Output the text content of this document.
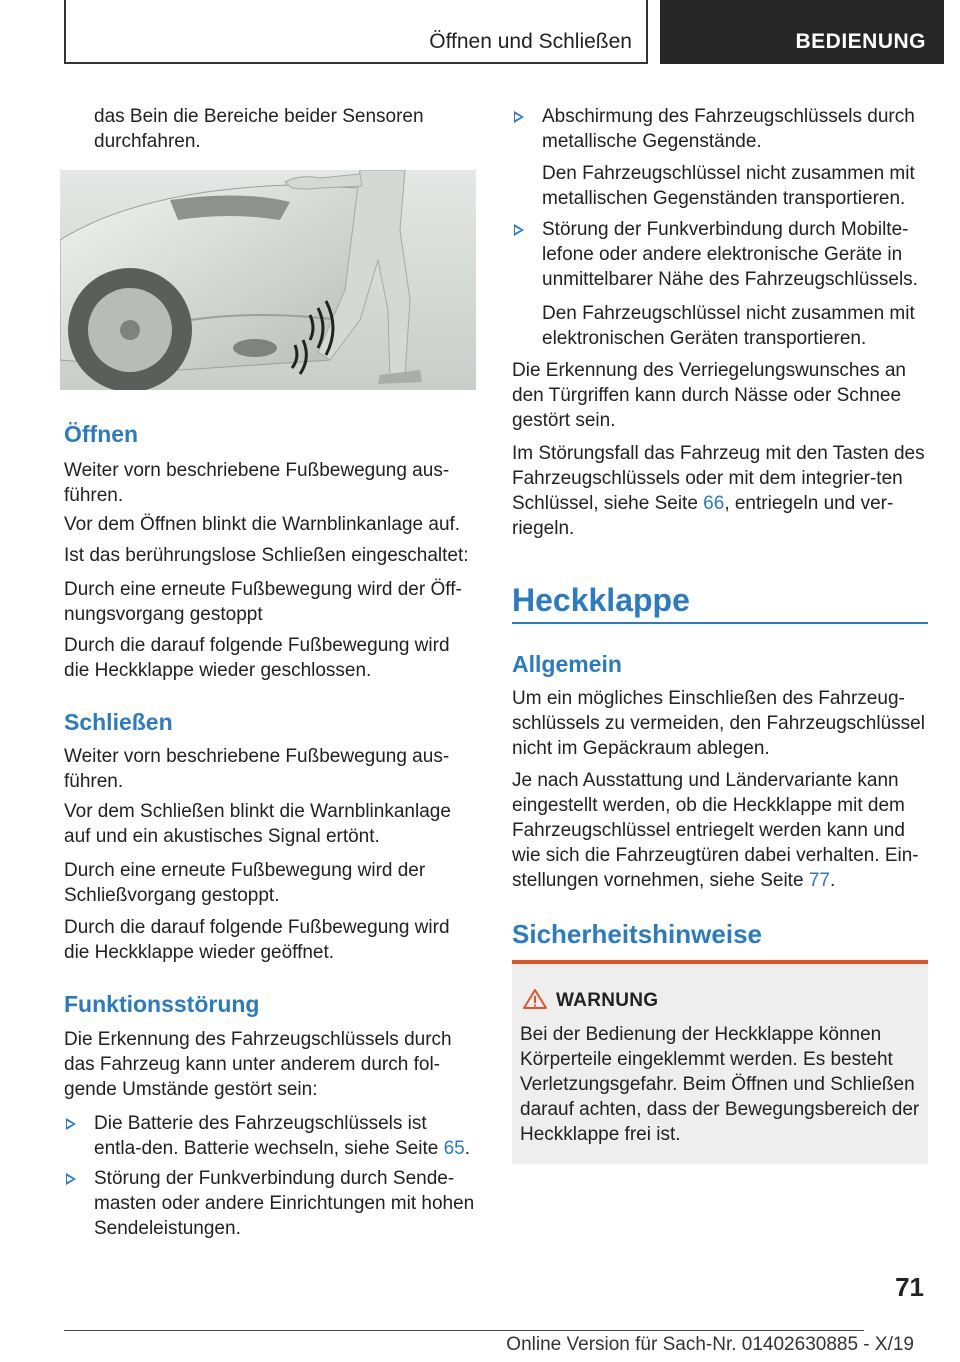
Öffnen und Schließen	BEDIENUNG

das Bein die Bereiche beider Sensoren durchfahren.

Öffnen

Weiter vorn beschriebene Fußbewegung aus-führen.

Vor dem Öffnen blinkt die Warnblinkanlage auf.

Ist das berührungslose Schließen eingeschaltet:

Durch eine erneute Fußbewegung wird der Öff-nungsvorgang gestoppt

Durch die darauf folgende Fußbewegung wird die Heckklappe wieder geschlossen.

Schließen

Weiter vorn beschriebene Fußbewegung aus-führen.

Vor dem Schließen blinkt die Warnblinkanlage auf und ein akustisches Signal ertönt.

Durch eine erneute Fußbewegung wird der Schließvorgang gestoppt.

Durch die darauf folgende Fußbewegung wird die Heckklappe wieder geöffnet.

Funktionsstörung

Die Erkennung des Fahrzeugschlüssels durch das Fahrzeug kann unter anderem durch fol-gende Umstände gestört sein:

Die Batterie des Fahrzeugschlüssels ist entla-den. Batterie wechseln, siehe Seite 65.

Störung der Funkverbindung durch Sende-masten oder andere Einrichtungen mit hohen Sendeleistungen.

Abschirmung des Fahrzeugschlüssels durch metallische Gegenstände.

Den Fahrzeugschlüssel nicht zusammen mit metallischen Gegenständen transportieren.

Störung der Funkverbindung durch Mobilte-lefone oder andere elektronische Geräte in unmittelbarer Nähe des Fahrzeugschlüssels.

Den Fahrzeugschlüssel nicht zusammen mit elektronischen Geräten transportieren.

Die Erkennung des Verriegelungswunsches an den Türgriffen kann durch Nässe oder Schnee gestört sein.

Im Störungsfall das Fahrzeug mit den Tasten des Fahrzeugschlüssels oder mit dem integrier-ten Schlüssel, siehe Seite 66, entriegeln und ver-riegeln.

Heckklappe
Allgemein

Um ein mögliches Einschließen des Fahrzeug-schlüssels zu vermeiden, den Fahrzeugschlüssel nicht im Gepäckraum ablegen.

Je nach Ausstattung und Ländervariante kann eingestellt werden, ob die Heckklappe mit dem Fahrzeugschlüssel entriegelt werden kann und wie sich die Fahrzeugtüren dabei verhalten. Ein-stellungen vornehmen, siehe Seite 77.

Sicherheitshinweise
WARNUNG

Bei der Bedienung der Heckklappe können Körperteile eingeklemmt werden. Es besteht Verletzungsgefahr. Beim Öffnen und Schließen darauf achten, dass der Bewegungsbereich der Heckklappe frei ist.

71
Online Version für Sach-Nr. 01402630885 - X/19
